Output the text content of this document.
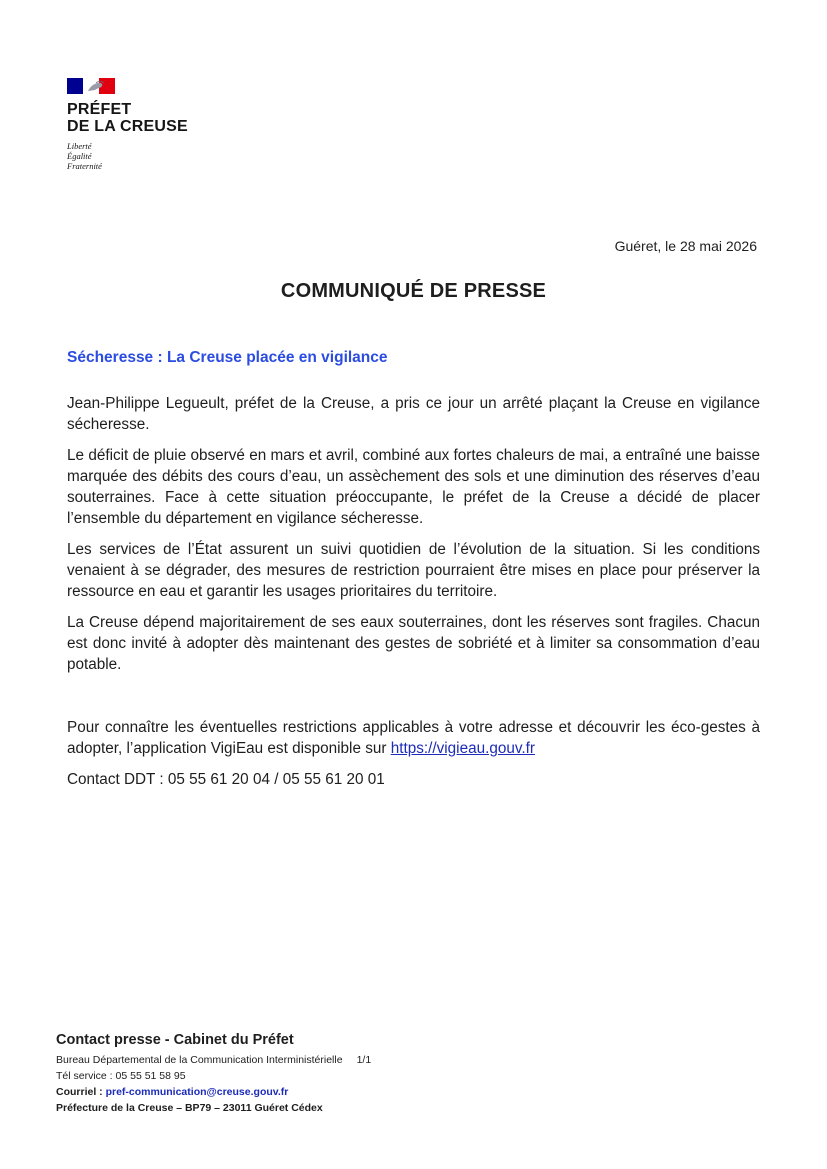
PRÉFET
DE LA CREUSE
Liberté
Égalité
Fraternité
Guéret, le 28 mai 2026
COMMUNIQUÉ DE PRESSE
Sécheresse : La Creuse placée en vigilance

Jean-Philippe Legueult, préfet de la Creuse, a pris ce jour un arrêté plaçant la Creuse en vigilance sécheresse.

Le déficit de pluie observé en mars et avril, combiné aux fortes chaleurs de mai, a entraîné une baisse marquée des débits des cours d’eau, un assèchement des sols et une diminution des réserves d’eau souterraines. Face à cette situation préoccupante, le préfet de la Creuse a décidé de placer l’ensemble du département en vigilance sécheresse.

Les services de l’État assurent un suivi quotidien de l’évolution de la situation. Si les conditions venaient à se dégrader, des mesures de restriction pourraient être mises en place pour préserver la ressource en eau et garantir les usages prioritaires du territoire.

La Creuse dépend majoritairement de ses eaux souterraines, dont les réserves sont fragiles. Chacun est donc invité à adopter dès maintenant des gestes de sobriété et à limiter sa consommation d’eau potable.

Pour connaître les éventuelles restrictions applicables à votre adresse et découvrir les éco-gestes à adopter, l’application VigiEau est disponible sur https://vigieau.gouv.fr

Contact DDT : 05 55 61 20 04 / 05 55 61 20 01

Contact presse - Cabinet du Préfet
Bureau Départemental de la Communication Interministérielle 1/1
Tél service : 05 55 51 58 95
Courriel : pref-communication@creuse.gouv.fr
Préfecture de la Creuse – BP79 – 23011 Guéret Cédex
